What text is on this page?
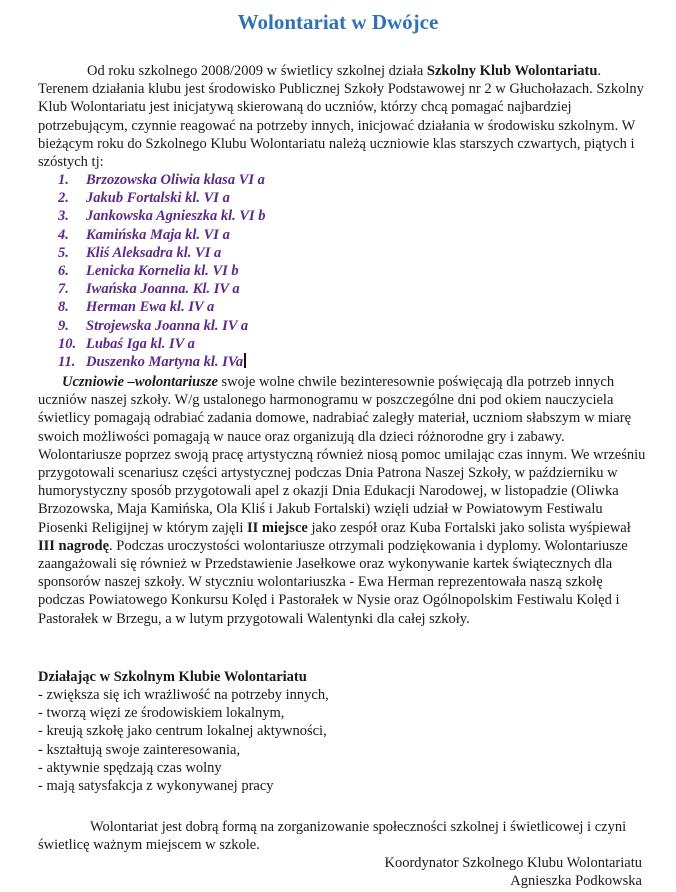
Wolontariat w Dwójce

Od roku szkolnego 2008/2009 w świetlicy szkolnej działa Szkolny Klub Wolontariatu. Terenem działania klubu jest środowisko Publicznej Szkoły Podstawowej nr 2 w Głuchołazach. Szkolny Klub Wolontariatu jest inicjatywą skierowaną do uczniów, którzy chcą pomagać najbardziej potrzebującym, czynnie reagować na potrzeby innych, inicjować działania w środowisku szkolnym. W bieżącym roku do Szkolnego Klubu Wolontariatu należą uczniowie klas starszych czwartych, piątych i szóstych tj:

1. Brzozowska Oliwia klasa VI a
2. Jakub Fortalski kl. VI a
3. Jankowska Agnieszka kl. VI b
4. Kamińska Maja kl. VI a
5. Kliś Aleksadra kl. VI a
6. Lenicka Kornelia kl. VI b
7. Iwańska Joanna. Kl. IV a
8. Herman Ewa kl. IV a
9. Strojewska Joanna kl. IV a
10. Lubaś Iga kl. IV a
11. Duszenko Martyna kl. IVa

Uczniowie –wolontariusze swoje wolne chwile bezinteresownie poświęcają dla potrzeb innych uczniów naszej szkoły. W/g ustalonego harmonogramu w poszczególne dni pod okiem nauczyciela świetlicy pomagają odrabiać zadania domowe, nadrabiać zaległy materiał, uczniom słabszym w miarę swoich możliwości pomagają w nauce oraz organizują dla dzieci różnorodne gry i zabawy. Wolontariusze poprzez swoją pracę artystyczną również niosą pomoc umilając czas innym. We wrześniu przygotowali scenariusz części artystycznej podczas Dnia Patrona Naszej Szkoły, w październiku w humorystyczny sposób przygotowali apel z okazji Dnia Edukacji Narodowej, w listopadzie (Oliwka Brzozowska, Maja Kamińska, Ola Kliś i Jakub Fortalski) wzięli udział w Powiatowym Festiwalu Piosenki Religijnej w którym zajęli II miejsce jako zespół oraz Kuba Fortalski jako solista wyśpiewał III nagrodę. Podczas uroczystości wolontariusze otrzymali podziękowania i dyplomy. Wolontariusze zaangażowali się również w Przedstawienie Jasełkowe oraz wykonywanie kartek świątecznych dla sponsorów naszej szkoły. W styczniu wolontariuszka - Ewa Herman reprezentowała naszą szkołę podczas Powiatowego Konkursu Kolęd i Pastorałek w Nysie oraz Ogólnopolskim Festiwalu Kolęd i Pastorałek w Brzegu, a w lutym przygotowali Walentynki dla całej szkoły.

Działając w Szkolnym Klubie Wolontariatu
- zwiększa się ich wrażliwość na potrzeby innych,
- tworzą więzi ze środowiskiem lokalnym,
- kreują szkołę jako centrum lokalnej aktywności,
- kształtują swoje zainteresowania,
- aktywnie spędzają czas wolny
- mają satysfakcja z wykonywanej pracy

Wolontariat jest dobrą formą na zorganizowanie społeczności szkolnej i świetlicowej i czyni świetlicę ważnym miejscem w szkole.

Koordynator Szkolnego Klubu Wolontariatu
Agnieszka Podkowska
